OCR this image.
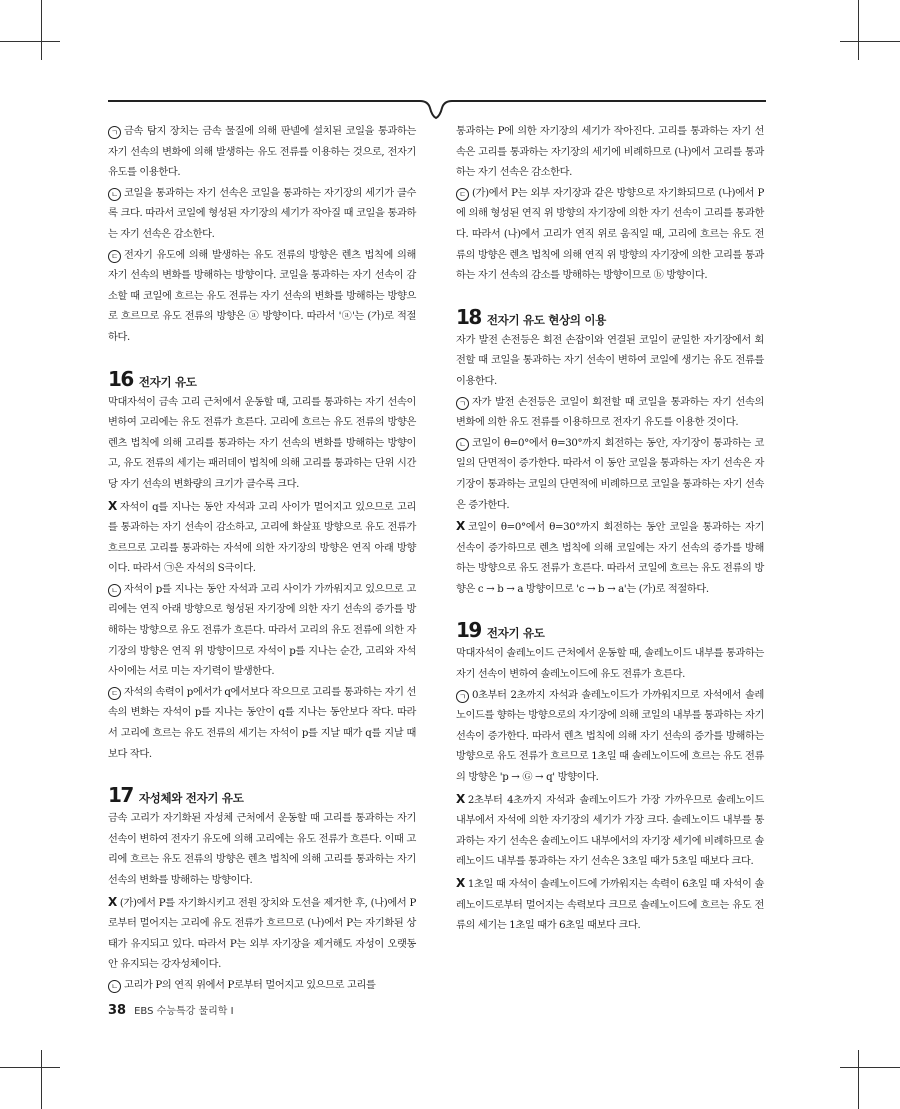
ㄱ 금속 탐지 장치는 금속 물질에 의해 판넬에 설치된 코일을 통과하는 자기 선속의 변화에 의해 발생하는 유도 전류를 이용하는 것으로, 전자기 유도를 이용한다.

ㄴ 코일을 통과하는 자기 선속은 코일을 통과하는 자기장의 세기가 클수록 크다. 따라서 코일에 형성된 자기장의 세기가 작아질 때 코일을 통과하는 자기 선속은 감소한다.

ㄷ 전자기 유도에 의해 발생하는 유도 전류의 방향은 렌츠 법칙에 의해 자기 선속의 변화를 방해하는 방향이다. 코일을 통과하는 자기 선속이 감소할 때 코일에 흐르는 유도 전류는 자기 선속의 변화를 방해하는 방향으로 흐르므로 유도 전류의 방향은 ⓐ 방향이다. 따라서 'ⓐ'는 (가)로 적절하다.

16 전자기 유도

막대자석이 금속 고리 근처에서 운동할 때, 고리를 통과하는 자기 선속이 변하여 고리에는 유도 전류가 흐른다. 고리에 흐르는 유도 전류의 방향은 렌츠 법칙에 의해 고리를 통과하는 자기 선속의 변화를 방해하는 방향이고, 유도 전류의 세기는 패러데이 법칙에 의해 고리를 통과하는 단위 시간당 자기 선속의 변화량의 크기가 클수록 크다.

X 자석이 q를 지나는 동안 자석과 고리 사이가 멀어지고 있으므로 고리를 통과하는 자기 선속이 감소하고, 고리에 화살표 방향으로 유도 전류가 흐르므로 고리를 통과하는 자석에 의한 자기장의 방향은 연직 아래 방향이다. 따라서 ㉠은 자석의 S극이다.

ㄴ 자석이 p를 지나는 동안 자석과 고리 사이가 가까워지고 있으므로 고리에는 연직 아래 방향으로 형성된 자기장에 의한 자기 선속의 증가를 방해하는 방향으로 유도 전류가 흐른다. 따라서 고리의 유도 전류에 의한 자기장의 방향은 연직 위 방향이므로 자석이 p를 지나는 순간, 고리와 자석 사이에는 서로 미는 자기력이 발생한다.

ㄷ 자석의 속력이 p에서가 q에서보다 작으므로 고리를 통과하는 자기 선속의 변화는 자석이 p를 지나는 동안이 q를 지나는 동안보다 작다. 따라서 고리에 흐르는 유도 전류의 세기는 자석이 p를 지날 때가 q를 지날 때보다 작다.

17 자성체와 전자기 유도

금속 고리가 자기화된 자성체 근처에서 운동할 때 고리를 통과하는 자기 선속이 변하여 전자기 유도에 의해 고리에는 유도 전류가 흐른다. 이때 고리에 흐르는 유도 전류의 방향은 렌츠 법칙에 의해 고리를 통과하는 자기 선속의 변화를 방해하는 방향이다.

X (가)에서 P를 자기화시키고 전원 장치와 도선을 제거한 후, (나)에서 P로부터 멀어지는 고리에 유도 전류가 흐르므로 (나)에서 P는 자기화된 상태가 유지되고 있다. 따라서 P는 외부 자기장을 제거해도 자성이 오랫동안 유지되는 강자성체이다.

ㄴ 고리가 P의 연직 위에서 P로부터 멀어지고 있으므로 고리를

통과하는 P에 의한 자기장의 세기가 작아진다. 고리를 통과하는 자기 선속은 고리를 통과하는 자기장의 세기에 비례하므로 (나)에서 고리를 통과하는 자기 선속은 감소한다.

ㄷ (가)에서 P는 외부 자기장과 같은 방향으로 자기화되므로 (나)에서 P에 의해 형성된 연직 위 방향의 자기장에 의한 자기 선속이 고리를 통과한다. 따라서 (나)에서 고리가 연직 위로 움직일 때, 고리에 흐르는 유도 전류의 방향은 렌츠 법칙에 의해 연직 위 방향의 자기장에 의한 고리를 통과하는 자기 선속의 감소를 방해하는 방향이므로 ⓑ 방향이다.

18 전자기 유도 현상의 이용

자가 발전 손전등은 회전 손잡이와 연결된 코일이 균일한 자기장에서 회전할 때 코일을 통과하는 자기 선속이 변하여 코일에 생기는 유도 전류를 이용한다.

ㄱ 자가 발전 손전등은 코일이 회전할 때 코일을 통과하는 자기 선속의 변화에 의한 유도 전류를 이용하므로 전자기 유도를 이용한 것이다.

ㄴ 코일이 θ=0°에서 θ=30°까지 회전하는 동안, 자기장이 통과하는 코일의 단면적이 증가한다. 따라서 이 동안 코일을 통과하는 자기 선속은 자기장이 통과하는 코일의 단면적에 비례하므로 코일을 통과하는 자기 선속은 증가한다.

X 코일이 θ=0°에서 θ=30°까지 회전하는 동안 코일을 통과하는 자기 선속이 증가하므로 렌츠 법칙에 의해 코일에는 자기 선속의 증가를 방해하는 방향으로 유도 전류가 흐른다. 따라서 코일에 흐르는 유도 전류의 방향은 c → b → a 방향이므로 'c → b → a'는 (가)로 적절하다.

19 전자기 유도

막대자석이 솔레노이드 근처에서 운동할 때, 솔레노이드 내부를 통과하는 자기 선속이 변하여 솔레노이드에 유도 전류가 흐른다.

ㄱ 0초부터 2초까지 자석과 솔레노이드가 가까워지므로 자석에서 솔레노이드를 향하는 방향으로의 자기장에 의해 코일의 내부를 통과하는 자기 선속이 증가한다. 따라서 렌츠 법칙에 의해 자기 선속의 증가를 방해하는 방향으로 유도 전류가 흐르므로 1초일 때 솔레노이드에 흐르는 유도 전류의 방향은 'p → Ⓖ → q' 방향이다.

X 2초부터 4초까지 자석과 솔레노이드가 가장 가까우므로 솔레노이드 내부에서 자석에 의한 자기장의 세기가 가장 크다. 솔레노이드 내부를 통과하는 자기 선속은 솔레노이드 내부에서의 자기장 세기에 비례하므로 솔레노이드 내부를 통과하는 자기 선속은 3초일 때가 5초일 때보다 크다.

X 1초일 때 자석이 솔레노이드에 가까워지는 속력이 6초일 때 자석이 솔레노이드로부터 멀어지는 속력보다 크므로 솔레노이드에 흐르는 유도 전류의 세기는 1초일 때가 6초일 때보다 크다.

38 EBS 수능특강 물리학 Ⅰ
